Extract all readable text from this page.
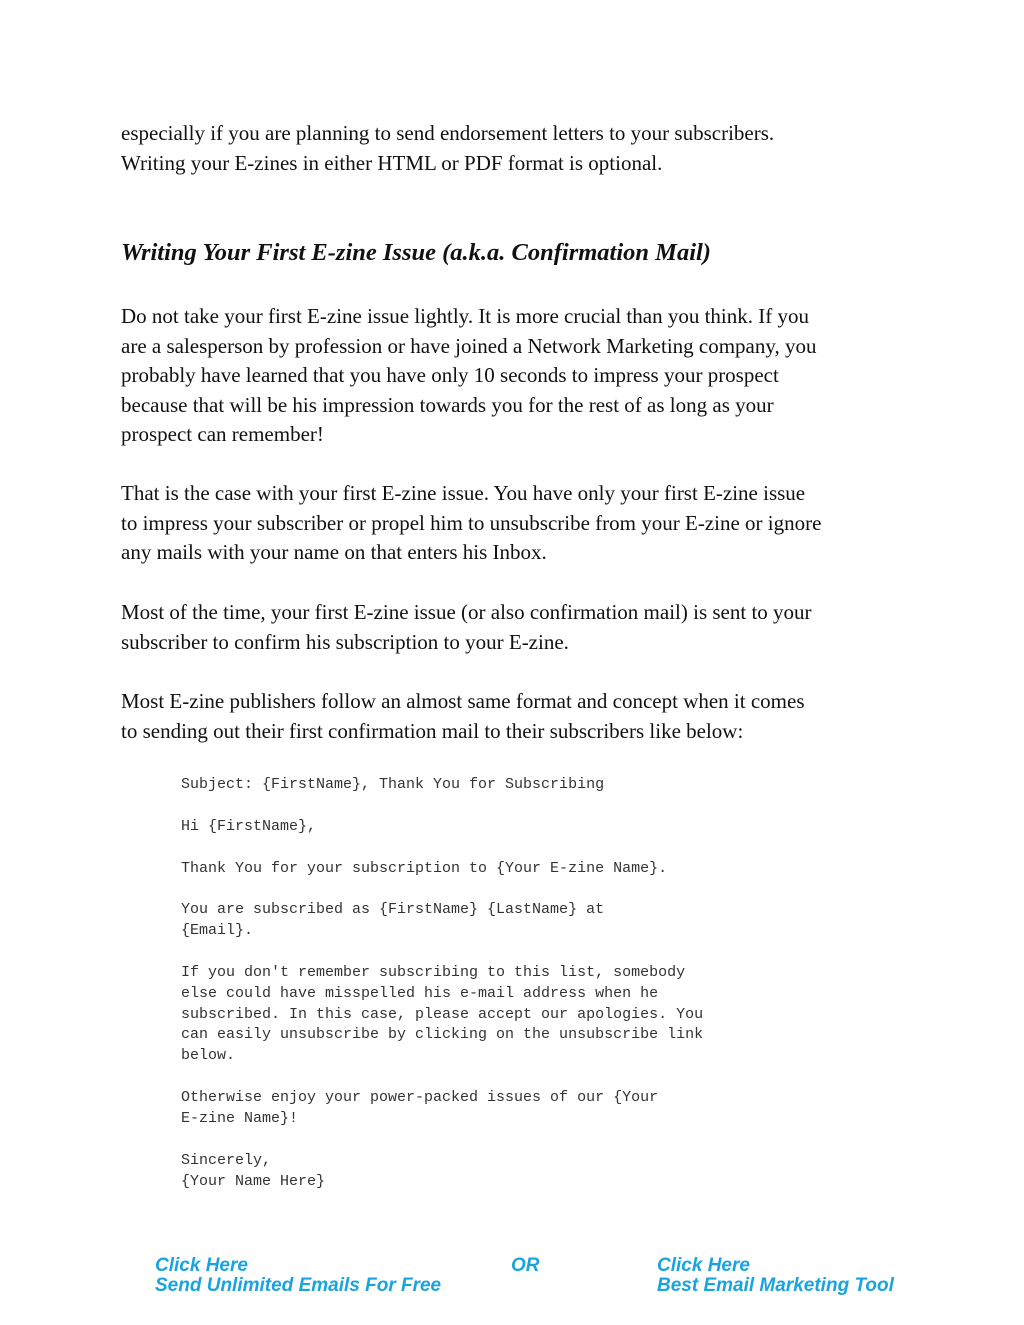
especially if you are planning to send endorsement letters to your subscribers.
Writing your E-zines in either HTML or PDF format is optional.
Writing Your First E-zine Issue (a.k.a. Confirmation Mail)
Do not take your first E-zine issue lightly. It is more crucial than you think. If you
are a salesperson by profession or have joined a Network Marketing company, you
probably have learned that you have only 10 seconds to impress your prospect
because that will be his impression towards you for the rest of as long as your
prospect can remember!
That is the case with your first E-zine issue. You have only your first E-zine issue
to impress your subscriber or propel him to unsubscribe from your E-zine or ignore
any mails with your name on that enters his Inbox.
Most of the time, your first E-zine issue (or also confirmation mail) is sent to your
subscriber to confirm his subscription to your E-zine.
Most E-zine publishers follow an almost same format and concept when it comes
to sending out their first confirmation mail to their subscribers like below:
Subject: {FirstName}, Thank You for Subscribing
Hi {FirstName},
Thank You for your subscription to {Your E-zine Name}.
You are subscribed as {FirstName} {LastName} at
{Email}.
If you don't remember subscribing to this list, somebody
else could have misspelled his e-mail address when he
subscribed. In this case, please accept our apologies. You
can easily unsubscribe by clicking on the unsubscribe link
below.
Otherwise enjoy your power-packed issues of our {Your
E-zine Name}!
Sincerely,
{Your Name Here}
Click Here
Send Unlimited Emails For Free
OR	Click Here
Best Email Marketing Tool
